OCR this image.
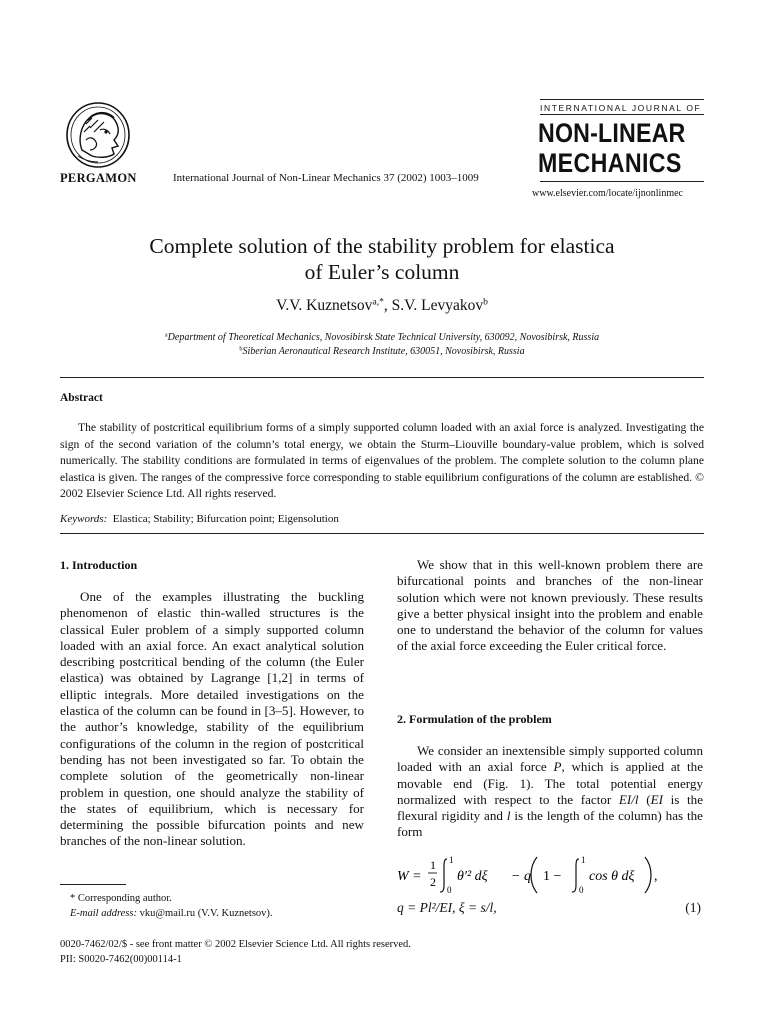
PERGAMON	International Journal of Non-Linear Mechanics 37 (2002) 1003–1009
INTERNATIONAL JOURNAL OF
NON-LINEAR
MECHANICS
www.elsevier.com/locate/ijnonlinmec
Complete solution of the stability problem for elastica
of Euler’s column
V.V. Kuznetsov$^{a,*}$, S.V. Levyakov$^b$
$^a$Department of Theoretical Mechanics, Novosibirsk State Technical University, 630092, Novosibirsk, Russia
$^b$Siberian Aeronautical Research Institute, 630051, Novosibirsk, Russia
Abstract
The stability of postcritical equilibrium forms of a simply supported column loaded with an axial force is analyzed. Investigating the sign of the second variation of the column’s total energy, we obtain the Sturm–Liouville boundary-value problem, which is solved numerically. The stability conditions are formulated in terms of eigenvalues of the problem. The complete solution to the column plane elastica is given. The ranges of the compressive force corresponding to stable equilibrium configurations of the column are established. © 2002 Elsevier Science Ltd. All rights reserved.
Keywords: Elastica; Stability; Bifurcation point; Eigensolution
1. Introduction

One of the examples illustrating the buckling phenomenon of elastic thin-walled structures is the classical Euler problem of a simply supported column loaded with an axial force. An exact analytical solution describing postcritical bending of the column (the Euler elastica) was obtained by Lagrange [1,2] in terms of elliptic integrals. More detailed investigations on the elastica of the column can be found in [3–5]. However, to the author’s knowledge, stability of the equilibrium configurations of the column in the region of postcritical bending has not been investigated so far. To obtain the complete solution of the geometrically non-linear problem in question, one should analyze the stability of the states of equilibrium, which is necessary for determining the possible bifurcation points and new branches of the non-linear solution.

* Corresponding author.
E-mail address: vku@mail.ru (V.V. Kuznetsov).

We show that in this well-known problem there are bifurcational points and branches of the non-linear solution which were not known previously. These results give a better physical insight into the problem and enable one to understand the behavior of the column for values of the axial force exceeding the Euler critical force.

2. Formulation of the problem

We consider an inextensible simply supported column loaded with an axial force P, which is applied at the movable end (Fig. 1). The total potential energy normalized with respect to the factor EI/l (EI is the flexural rigidity and l is the length of the column) has the form

W =
1
2
1
0
θ′² dξ − q 1 −
1
0
cos θ dξ ,
q = Pl²/EI, ξ = s/l,	(1)
0020-7462/02/$ - see front matter © 2002 Elsevier Science Ltd. All rights reserved.
PII: S0020-7462(00)00114-1
